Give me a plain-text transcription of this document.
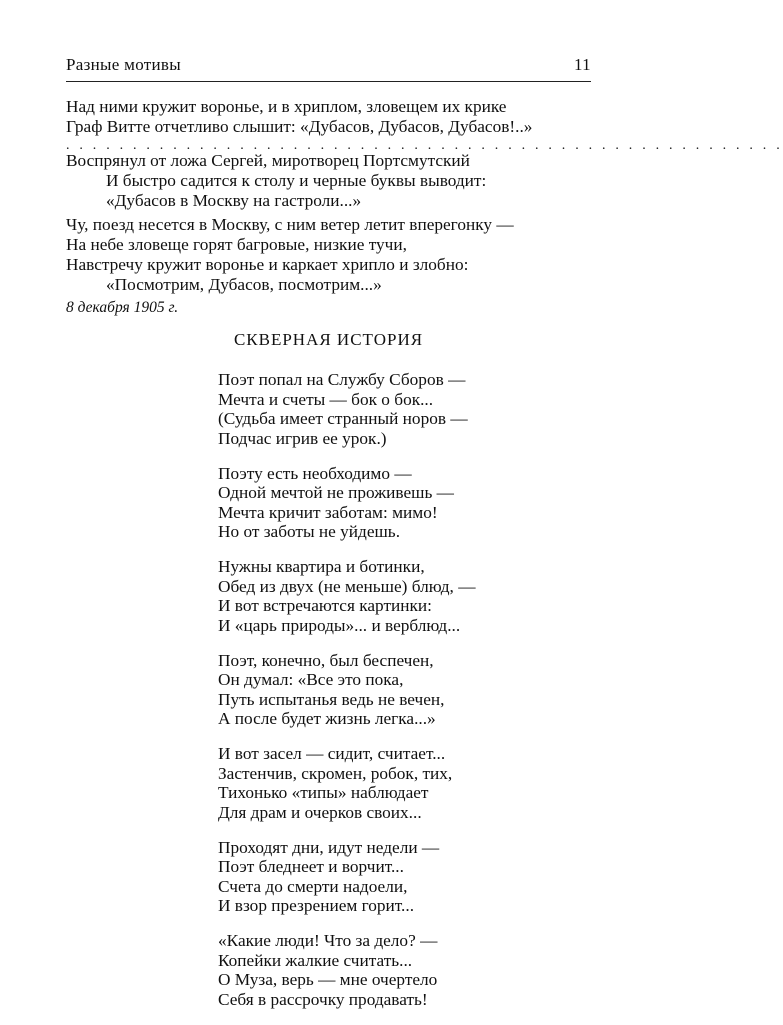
Разные мотивы	11
Над ними кружит воронье, и в хриплом, зловещем их крике
Граф Витте отчетливо слышит: «Дубасов, Дубасов, Дубасов!..»
. . . . . . . . . . . . . . . . . . . . . . . . . . . . . . . . . . . . . . . . . . . . . . . . . . . . . .
Воспрянул от ложа Сергей, миротворец Портсмутский
И быстро садится к столу и черные буквы выводит:
«Дубасов в Москву на гастроли...»
Чу, поезд несется в Москву, с ним ветер летит вперегонку —
На небе зловеще горят багровые, низкие тучи,
Навстречу кружит воронье и каркает хрипло и злобно:
«Посмотрим, Дубасов, посмотрим...»
8 декабря 1905 г.
СКВЕРНАЯ ИСТОРИЯ
Поэт попал на Службу Сборов —
Мечта и счеты — бок о бок...
(Судьба имеет странный норов —
Подчас игрив ее урок.)
Поэту есть необходимо —
Одной мечтой не проживешь —
Мечта кричит заботам: мимо!
Но от заботы не уйдешь.
Нужны квартира и ботинки,
Обед из двух (не меньше) блюд, —
И вот встречаются картинки:
И «царь природы»... и верблюд...
Поэт, конечно, был беспечен,
Он думал: «Все это пока,
Путь испытанья ведь не вечен,
А после будет жизнь легка...»
И вот засел — сидит, считает...
Застенчив, скромен, робок, тих,
Тихонько «типы» наблюдает
Для драм и очерков своих...
Проходят дни, идут недели —
Поэт бледнеет и ворчит...
Счета до смерти надоели,
И взор презрением горит...
«Какие люди! Что за дело? —
Копейки жалкие считать...
О Муза, верь — мне очертело
Себя в рассрочку продавать!
